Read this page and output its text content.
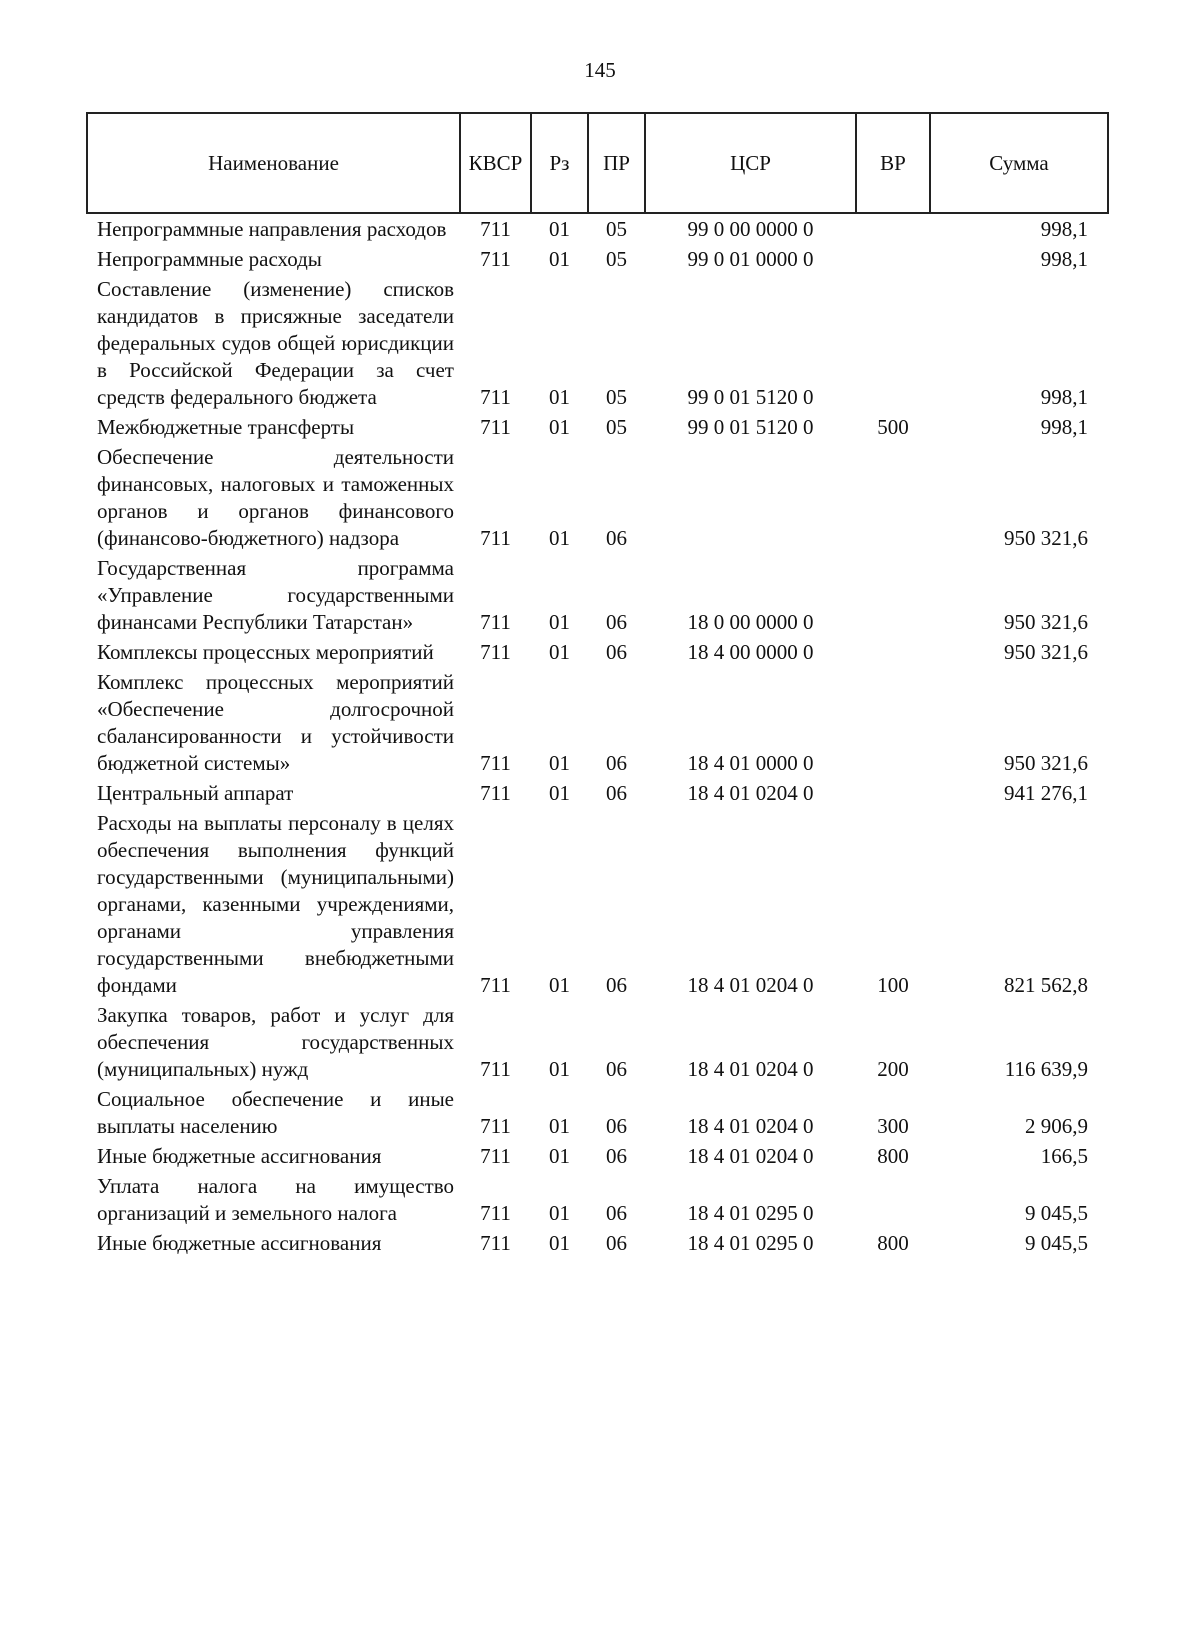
145
Наименование	КВСР	Рз	ПР	ЦСР	ВР	Сумма
Непрограммные направления расходов	711	01	05	99 0 00 0000 0		998,1
Непрограммные расходы	711	01	05	99 0 01 0000 0		998,1
Составление (изменение) списков кандидатов в присяжные заседатели федеральных судов общей юрисдикции в Российской Федерации за счет средств федерального бюджета	711	01	05	99 0 01 5120 0		998,1
Межбюджетные трансферты	711	01	05	99 0 01 5120 0	500	998,1
Обеспечение деятельности финансовых, налоговых и таможенных органов и органов финансового (финансово-бюджетного) надзора	711	01	06			950 321,6
Государственная программа «Управление государственными финансами Республики Татарстан»	711	01	06	18 0 00 0000 0		950 321,6
Комплексы процессных мероприятий	711	01	06	18 4 00 0000 0		950 321,6
Комплекс процессных мероприятий «Обеспечение долгосрочной сбалансированности и устойчивости бюджетной системы»	711	01	06	18 4 01 0000 0		950 321,6
Центральный аппарат	711	01	06	18 4 01 0204 0		941 276,1
Расходы на выплаты персоналу в целях обеспечения выполнения функций государственными (муниципальными) органами, казенными учреждениями, органами управления государственными внебюджетными фондами	711	01	06	18 4 01 0204 0	100	821 562,8
Закупка товаров, работ и услуг для обеспечения государственных (муниципальных) нужд	711	01	06	18 4 01 0204 0	200	116 639,9
Социальное обеспечение и иные выплаты населению	711	01	06	18 4 01 0204 0	300	2 906,9
Иные бюджетные ассигнования	711	01	06	18 4 01 0204 0	800	166,5
Уплата налога на имущество организаций и земельного налога	711	01	06	18 4 01 0295 0		9 045,5
Иные бюджетные ассигнования	711	01	06	18 4 01 0295 0	800	9 045,5
